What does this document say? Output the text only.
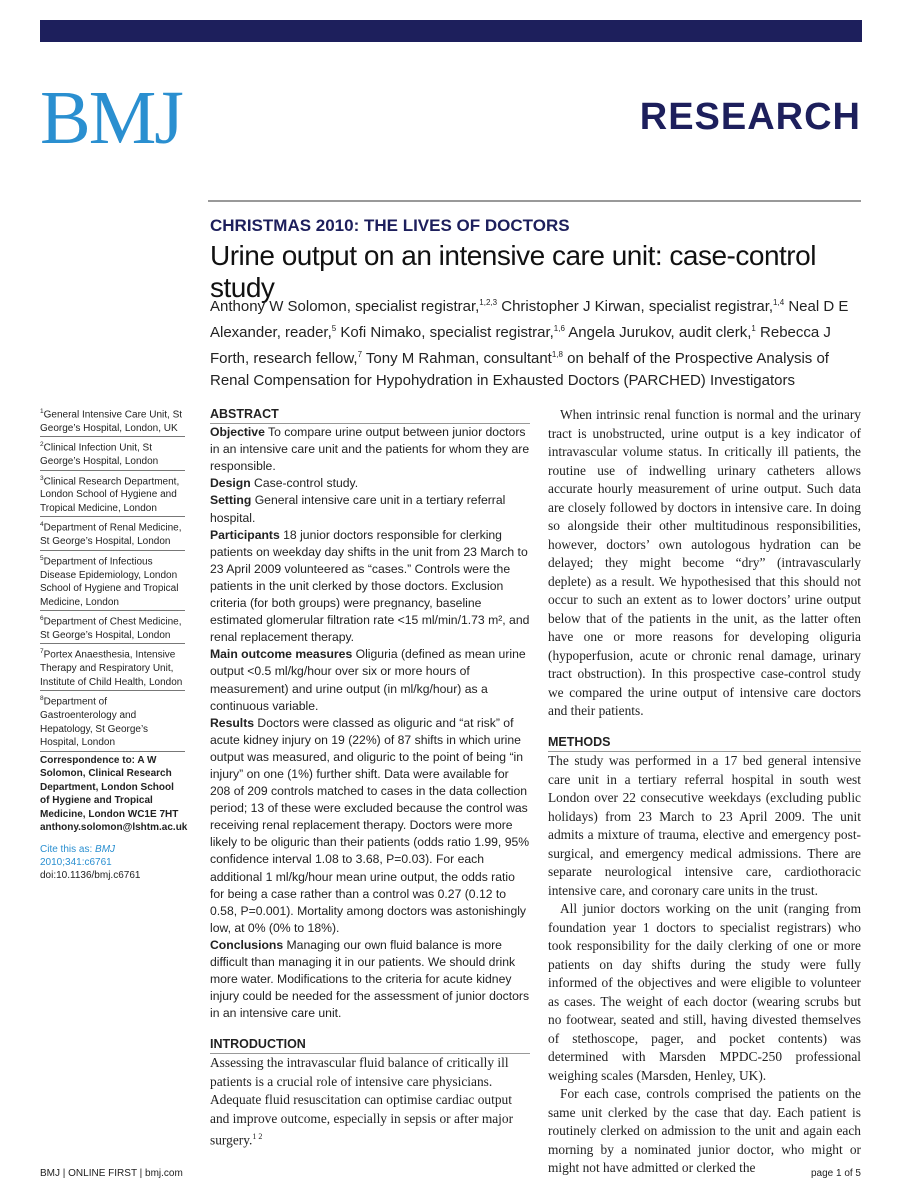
BMJ	RESEARCH
CHRISTMAS 2010: THE LIVES OF DOCTORS
Urine output on an intensive care unit: case-control study
Anthony W Solomon, specialist registrar,$^{1,2,3}$ Christopher J Kirwan, specialist registrar,$^{1,4}$ Neal D E Alexander, reader,$^5$ Kofi Nimako, specialist registrar,$^{1,6}$ Angela Jurukov, audit clerk,$^1$ Rebecca J Forth, research fellow,$^7$ Tony M Rahman, consultant$^{1,8}$ on behalf of the Prospective Analysis of Renal Compensation for Hypohydration in Exhausted Doctors (PARCHED) Investigators
$^1$General Intensive Care Unit, St George’s Hospital, London, UK
$^2$Clinical Infection Unit, St George’s Hospital, London
$^3$Clinical Research Department, London School of Hygiene and Tropical Medicine, London
$^4$Department of Renal Medicine, St George’s Hospital, London
$^5$Department of Infectious Disease Epidemiology, London School of Hygiene and Tropical Medicine, London
$^6$Department of Chest Medicine, St George’s Hospital, London
$^7$Portex Anaesthesia, Intensive Therapy and Respiratory Unit, Institute of Child Health, London
$^8$Department of Gastroenterology and Hepatology, St George’s Hospital, London
Correspondence to: A W Solomon, Clinical Research Department, London School of Hygiene and Tropical Medicine, London WC1E 7HT anthony.solomon@lshtm.ac.uk
Cite this as: BMJ 2010;341:c6761
doi:10.1136/bmj.c6761
ABSTRACT
Objective To compare urine output between junior doctors in an intensive care unit and the patients for whom they are responsible.
Design Case-control study.
Setting General intensive care unit in a tertiary referral hospital.
Participants 18 junior doctors responsible for clerking patients on weekday day shifts in the unit from 23 March to 23 April 2009 volunteered as “cases.” Controls were the patients in the unit clerked by those doctors. Exclusion criteria (for both groups) were pregnancy, baseline estimated glomerular filtration rate <15 ml/min/1.73 m², and renal replacement therapy.
Main outcome measures Oliguria (defined as mean urine output <0.5 ml/kg/hour over six or more hours of measurement) and urine output (in ml/kg/hour) as a continuous variable.
Results Doctors were classed as oliguric and “at risk” of acute kidney injury on 19 (22%) of 87 shifts in which urine output was measured, and oliguric to the point of being “in injury” on one (1%) further shift. Data were available for 208 of 209 controls matched to cases in the data collection period; 13 of these were excluded because the control was receiving renal replacement therapy. Doctors were more likely to be oliguric than their patients (odds ratio 1.99, 95% confidence interval 1.08 to 3.68, P=0.03). For each additional 1 ml/kg/hour mean urine output, the odds ratio for being a case rather than a control was 0.27 (0.12 to 0.58, P=0.001). Mortality among doctors was astonishingly low, at 0% (0% to 18%).
Conclusions Managing our own fluid balance is more difficult than managing it in our patients. We should drink more water. Modifications to the criteria for acute kidney injury could be needed for the assessment of junior doctors in an intensive care unit.
INTRODUCTION
Assessing the intravascular fluid balance of critically ill patients is a crucial role of intensive care physicians. Adequate fluid resuscitation can optimise cardiac output and improve outcome, especially in sepsis or after major surgery.$^{1 2}$

When intrinsic renal function is normal and the urinary tract is unobstructed, urine output is a key indicator of intravascular volume status. In critically ill patients, the routine use of indwelling urinary catheters allows accurate hourly measurement of urine output. Such data are closely followed by doctors in intensive care. In doing so alongside their other multitudinous responsibilities, however, doctors’ own autologous hydration can be delayed; they might become “dry” (intravascularly deplete) as a result. We hypothesised that this should not occur to such an extent as to lower doctors’ urine output below that of the patients in the unit, as the latter often have one or more reasons for developing oliguria (hypoperfusion, acute or chronic renal damage, urinary tract obstruction). In this prospective case-control study we compared the urine output of intensive care doctors and their patients.

METHODS

The study was performed in a 17 bed general intensive care unit in a tertiary referral hospital in south west London over 22 consecutive weekdays (excluding public holidays) from 23 March to 23 April 2009. The unit admits a mixture of trauma, elective and emergency post-surgical, and emergency medical admissions. There are separate neurological intensive care, cardiothoracic intensive care, and coronary care units in the trust.

All junior doctors working on the unit (ranging from foundation year 1 doctors to specialist registrars) who took responsibility for the daily clerking of one or more patients on day shifts during the study were fully informed of the objectives and were eligible to volunteer as cases. The weight of each doctor (wearing scrubs but no footwear, seated and still, having divested themselves of stethoscope, pager, and pocket contents) was determined with Marsden MPDC-250 professional weighing scales (Marsden, Henley, UK).

For each case, controls comprised the patients on the same unit clerked by the case that day. Each patient is routinely clerked on admission to the unit and again each morning by a nominated junior doctor, who might or might not have admitted or clerked the

BMJ | ONLINE FIRST | bmj.com	page 1 of 5
